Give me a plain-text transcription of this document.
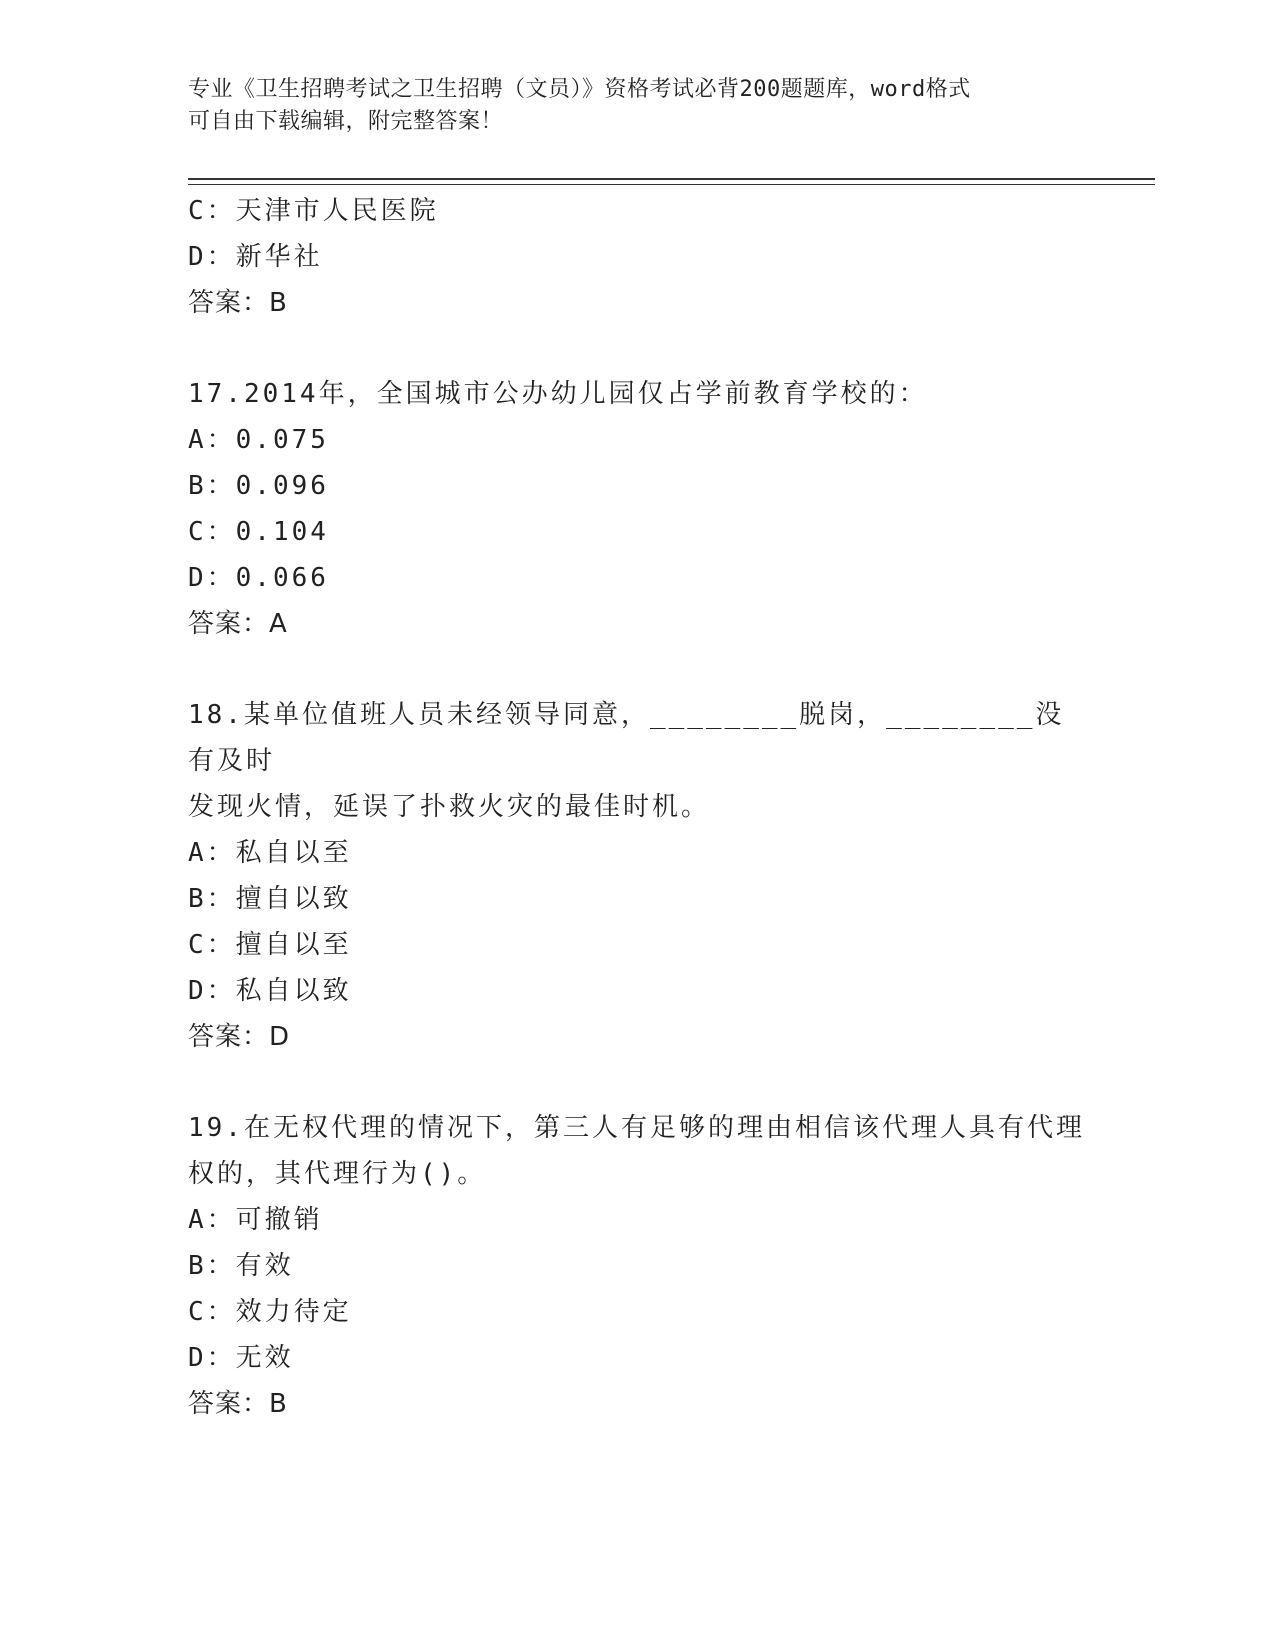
专业《卫生招聘考试之卫生招聘（文员）》资格考试必背200题题库，word格式
可自由下载编辑，附完整答案！
C：天津市人民医院
D：新华社
答案：B
17.2014年，全国城市公办幼儿园仅占学前教育学校的：
A：0.075
B：0.096
C：0.104
D：0.066
答案：A
18.某单位值班人员未经领导同意，________脱岗，________没有及时
发现火情，延误了扑救火灾的最佳时机。
A：私自以至
B：擅自以致
C：擅自以至
D：私自以致
答案：D
19.在无权代理的情况下，第三人有足够的理由相信该代理人具有代理
权的，其代理行为()。
A：可撤销
B：有效
C：效力待定
D：无效
答案：B
